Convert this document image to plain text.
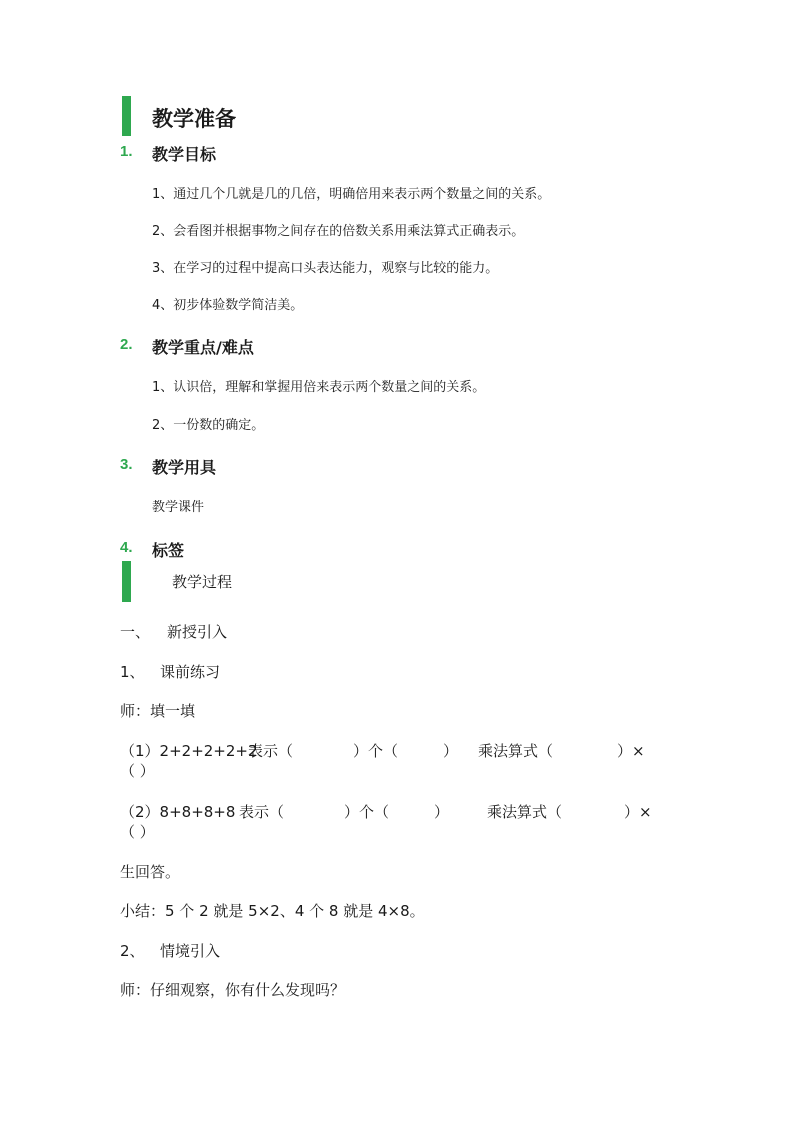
教学准备
1. 教学目标
1、通过几个几就是几的几倍，明确倍用来表示两个数量之间的关系。
2、会看图并根据事物之间存在的倍数关系用乘法算式正确表示。
3、在学习的过程中提高口头表达能力，观察与比较的能力。
4、初步体验数学简洁美。
2. 教学重点/难点
1、认识倍，理解和掌握用倍来表示两个数量之间的关系。
2、一份数的确定。
3. 教学用具
教学课件
4. 标签
教学过程
一、 新授引入
1、 课前练习
师：填一填
（1）2+2+2+2+2
表示（	）个（	） 乘法算式（	）×
（ ）
（2）8+8+8+8 表示（	）个（	）	乘法算式（	）×
（ ）
生回答。
小结：5 个 2 就是 5×2、4 个 8 就是 4×8。
2、 情境引入
师：仔细观察，你有什么发现吗？
